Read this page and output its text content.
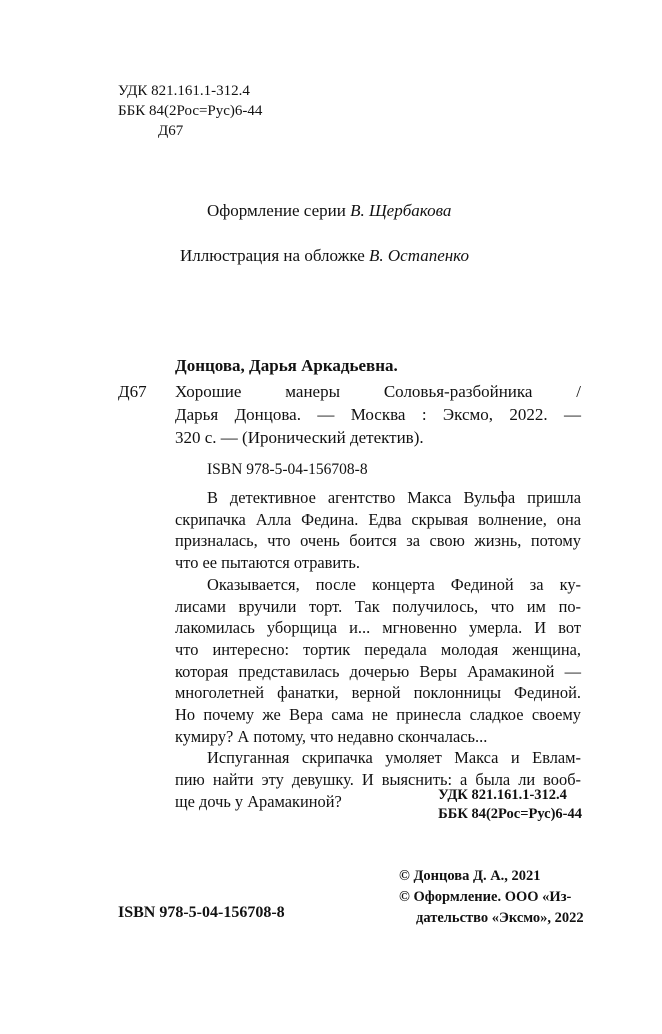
УДК 821.161.1-312.4
ББК 84(2Рос=Рус)6-44
Д67
Оформление серии В. Щербакова
Иллюстрация на обложке В. Остапенко
Донцова, Дарья Аркадьевна.
Д67 Хорошие манеры Соловья-разбойника /
Дарья Донцова. — Москва : Эксмо, 2022. —
320 с. — (Иронический детектив).
ISBN 978-5-04-156708-8
В детективное агентство Макса Вульфа пришла
скрипачка Алла Федина. Едва скрывая волнение, она
призналась, что очень боится за свою жизнь, потому
что ее пытаются отравить.
Оказывается, после концерта Фединой за ку-
лисами вручили торт. Так получилось, что им по-
лакомилась уборщица и... мгновенно умерла. И вот
что интересно: тортик передала молодая женщина,
которая представилась дочерью Веры Арамакиной —
многолетней фанатки, верной поклонницы Фединой.
Но почему же Вера сама не принесла сладкое своему
кумиру? А потому, что недавно скончалась...
Испуганная скрипачка умоляет Макса и Евлам-
пию найти эту девушку. И выяснить: а была ли вооб-
ще дочь у Арамакиной?	УДК 821.161.1-312.4
ББК 84(2Рос=Рус)6-44
© Донцова Д. А., 2021
© Оформление. ООО «Из-
дательство «Эксмо», 2022
ISBN 978-5-04-156708-8
